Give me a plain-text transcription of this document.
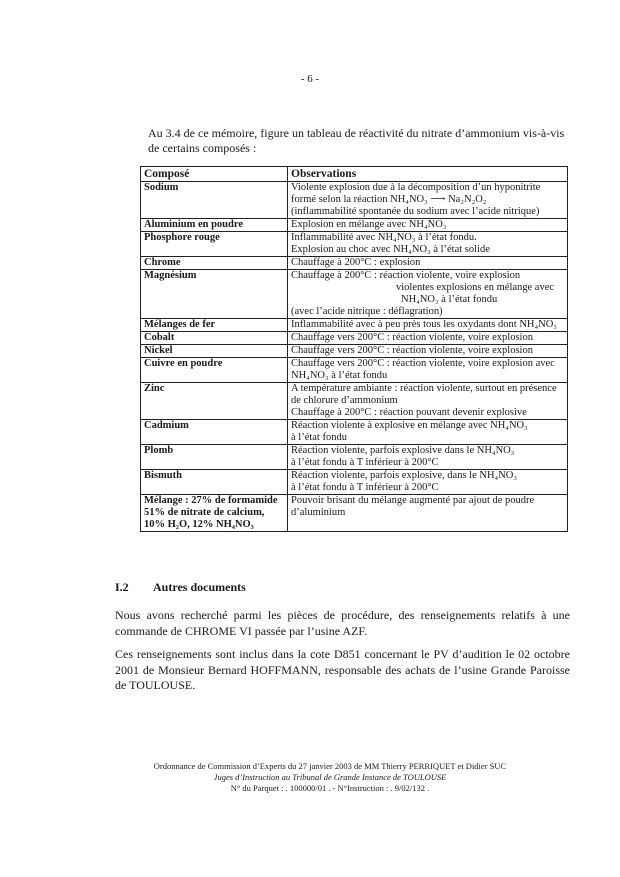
- 6 -
Au 3.4 de ce mémoire, figure un tableau de réactivité du nitrate d’ammonium vis-à-vis de certains composés :
Composé	Observations

Sodium	Violente explosion due à la décomposition d’un hyponitrite
formé selon la réaction NH₄NO₃ ⟶ Na₂N₂O₂
(inflammabilité spontanée du sodium avec l’acide nitrique)

Aluminium en poudre	Explosion en mélange avec NH₄NO₃

Phosphore rouge	Inflammabilité avec NH₄NO₃ à l’état fondu.
Explosion au choc avec NH₄NO₃ à l’état solide

Chrome	Chauffage à 200°C : explosion

Magnésium	Chauffage à 200°C : réaction violente, voire explosion
violentes explosions en mélange avec
NH₄NO₃ à l’état fondu
(avec l’acide nitrique : déflagration)

Mélanges de fer	Inflammabilité avec à peu près tous les oxydants dont NH₄NO₃

Cobalt	Chauffage vers 200°C : réaction violente, voire explosion

Nickel	Chauffage vers 200°C : réaction violente, voire explosion

Cuivre en poudre	Chauffage vers 200°C : réaction violente, voire explosion avec
NH₄NO₃ à l’état fondu

Zinc	A température ambiante : réaction violente, surtout en présence
de chlorure d’ammonium
Chauffage à 200°C : réaction pouvant devenir explosive

Cadmium	Réaction violente à explosive en mélange avec NH₄NO₃
à l’état fondu

Plomb	Réaction violente, parfois explosive dans le NH₄NO₃
à l’état fondu à T inférieur à 200°C

Bismuth	Réaction violente, parfois explosive, dans le NH₄NO₃
à l’état fondu à T inférieur à 200°C

Mélange : 27% de formamide
51% de nitrate de calcium,
10% H₂O, 12% NH₄NO₃	Pouvoir brisant du mélange augmenté par ajout de poudre
d’aluminium
I.2 Autres documents
Nous avons recherché parmi les pièces de procédure, des renseignements relatifs à une commande de CHROME VI passée par l’usine AZF.
Ces renseignements sont inclus dans la cote D851 concernant le PV d’audition le 02 octobre 2001 de Monsieur Bernard HOFFMANN, responsable des achats de l’usine Grande Paroisse de TOULOUSE.
Ordonnance de Commission d’Experts du 27 janvier 2003 de MM Thierry PERRIQUET et Didier SUC
Juges d’Instruction au Tribunal de Grande Instance de TOULOUSE
N° du Parquet : . 100000/01 . - N°Instruction : . 9/02/132 .
